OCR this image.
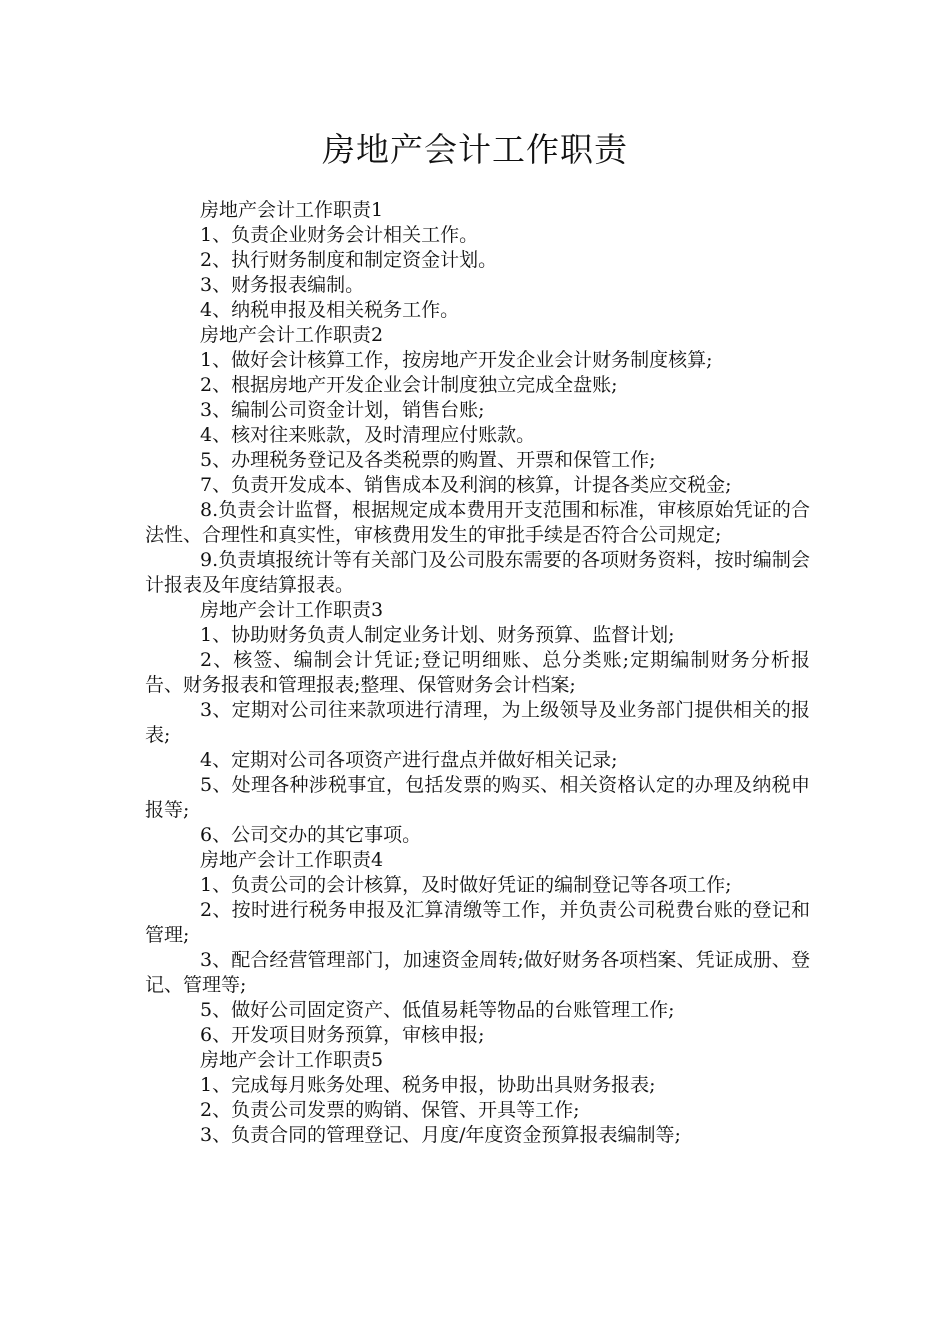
房地产会计工作职责

房地产会计工作职责1

1、负责企业财务会计相关工作。

2、执行财务制度和制定资金计划。

3、财务报表编制。

4、纳税申报及相关税务工作。

房地产会计工作职责2

1、做好会计核算工作，按房地产开发企业会计财务制度核算;

2、根据房地产开发企业会计制度独立完成全盘账;

3、编制公司资金计划，销售台账;

4、核对往来账款，及时清理应付账款。

5、办理税务登记及各类税票的购置、开票和保管工作;

7、负责开发成本、销售成本及利润的核算，计提各类应交税金;

8.负责会计监督，根据规定成本费用开支范围和标准，审核原始凭证的合法性、合理性和真实性，审核费用发生的审批手续是否符合公司规定;

9.负责填报统计等有关部门及公司股东需要的各项财务资料，按时编制会计报表及年度结算报表。

房地产会计工作职责3

1、协助财务负责人制定业务计划、财务预算、监督计划;

2、核签、编制会计凭证;登记明细账、总分类账;定期编制财务分析报告、财务报表和管理报表;整理、保管财务会计档案;

3、定期对公司往来款项进行清理，为上级领导及业务部门提供相关的报表;

4、定期对公司各项资产进行盘点并做好相关记录;

5、处理各种涉税事宜，包括发票的购买、相关资格认定的办理及纳税申报等;

6、公司交办的其它事项。

房地产会计工作职责4

1、负责公司的会计核算，及时做好凭证的编制登记等各项工作;

2、按时进行税务申报及汇算清缴等工作，并负责公司税费台账的登记和管理;

3、配合经营管理部门，加速资金周转;做好财务各项档案、凭证成册、登记、管理等;

5、做好公司固定资产、低值易耗等物品的台账管理工作;

6、开发项目财务预算，审核申报;

房地产会计工作职责5

1、完成每月账务处理、税务申报，协助出具财务报表;

2、负责公司发票的购销、保管、开具等工作;

3、负责合同的管理登记、月度/年度资金预算报表编制等;
